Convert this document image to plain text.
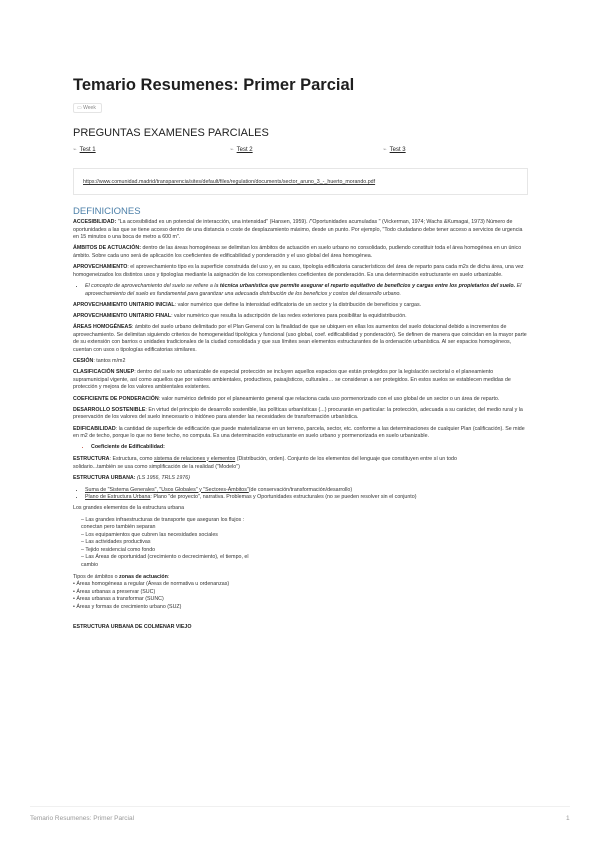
Temario Resumenes: Primer Parcial
▭ Week
PREGUNTAS EXAMENES PARCIALES
⌁ Test 1	⌁ Test 2	⌁ Test 3
https://www.comunidad.madrid/transparencia/sites/default/files/regulation/documents/sector_aruno_3_-_huerto_morando.pdf
DEFINICIONES

ACCESIBILIDAD: "La accesibilidad es un potencial de interacción, una intensidad" (Hansen, 1959). /"Oportunidades acumuladas " (Vickerman, 1974; Wachs &Kumagai, 1973) Número de oportunidades a las que se tiene acceso dentro de una distancia o coste de desplazamiento máximo, desde un punto. Por ejemplo, "Todo ciudadano debe tener acceso a servicios de urgencia en 15 minutos o una boca de metro a 600 m".

ÁMBITOS DE ACTUACIÓN: dentro de las áreas homogéneas se delimitan los ámbitos de actuación en suelo urbano no consolidado, pudiendo constituir toda el área homogénea en un único ámbito. Sobre cada uno será de aplicación los coeficientes de edificabilidad y ponderación y el uso global del área homogénea.

APROVECHAMIENTO: el aprovechamiento tipo es la superficie construida del uso y, en su caso, tipología edificatoria característicos del área de reparto para cada m2s de dicha área, una vez homogeneizados los distintos usos y tipologías mediante la asignación de los correspondientes coeficientes de ponderación. Es una determinación estructurante en suelo urbanizable.

• El concepto de aprovechamiento del suelo se refiere a la técnica urbanística que permite asegurar el reparto equitativo de beneficios y cargas entre los propietarios del suelo. El aprovechamiento del suelo es fundamental para garantizar una adecuada distribución de los beneficios y costos del desarrollo urbano.

APROVECHAMIENTO UNITARIO INICIAL: valor numérico que define la intensidad edificatoria de un sector y la distribución de beneficios y cargas.

APROVECHAMIENTO UNITARIO FINAL: valor numérico que resulta la adscripción de las redes exteriores para posibilitar la equidistribución.

ÁREAS HOMOGÉNEAS: ámbito del suelo urbano delimitado por el Plan General con la finalidad de que se ubiquen en ellas los aumentos del suelo dotacional debido a incrementos de aprovechamiento. Se delimitan siguiendo criterios de homogeneidad tipológica y funcional (uso global, coef. edificabilidad y ponderación). Se definen de manera que coincidan en la mayor parte de su extensión con barrios o unidades tradicionales de la ciudad consolidada y que sus límites sean elementos estructurantes de la ordenación urbanística. Al ser espacios homogéneos, cuentan con usos o tipologías edificatorias similares.

CESIÓN: tantos m/m2

CLASIFICACIÓN SNUEP: dentro del suelo no urbanizable de especial protección se incluyen aquellos espacios que están protegidos por la legislación sectorial o el planeamiento supramunicipal vigente, así como aquellos que por valores ambientales, productivos, paisajísticos, culturales… se consideran a ser protegidos. En estos suelos se establecen medidas de protección y mejora de los valores ambientales existentes.

COEFICIENTE DE PONDERACIÓN: valor numérico definido por el planeamiento general que relaciona cada uso pormenorizado con el uso global de un sector o un área de reparto.

DESARROLLO SOSTENIBLE: En virtud del principio de desarrollo sostenible, las políticas urbanísticas (...) procurarán en particular: la protección, adecuada a su carácter, del medio rural y la preservación de los valores del suelo innecesario o inidóneo para atender las necesidades de transformación urbanística.

EDIFICABILIDAD: la cantidad de superficie de edificación que puede materializarse en un terreno, parcela, sector, etc. conforme a las determinaciones de cualquier Plan (calificación). Se mide en m2 de techo, porque lo que no tiene techo, no computa. Es una determinación estructurante en suelo urbano y pormenorizada en suelo urbanizable.

• Coeficiente de Edificabilidad:

ESTRUCTURA: Estructura, como sistema de relaciones y elementos (Distribución, orden). Conjunto de los elementos del lenguaje que constituyen entre sí un todo

solidario...también se usa como simplificación de la realidad ("Modelo")

ESTRUCTURA URBANA: (LS 1956, TRLS 1976)

• Suma de "Sistema Generales", "Usos Globales" y "Sectores-Ámbitos"(de conservación/transformación/desarrollo)
• Plano de Estructura Urbana: Plano "de proyecto", narrativa. Problemas y Oportunidades estructurales (no se pueden resolver sin el conjunto)

Los grandes elementos de la estructura urbana

– Las grandes infraestructuras de transporte que aseguran los flujos :
conectan pero también separan
– Los equipamientos que cubren las necesidades sociales
– Las actividades productivas
– Tejido residencial como fondo
– Las Áreas de oportunidad (crecimiento o decrecimiento), el tiempo, el
cambio
Tipos de ámbitos o zonas de actuación:
• Áreas homogéneas a regular (Áreas de normativa u ordenanzas)
• Áreas urbanas a preservar (SUC)
• Áreas urbanas a transformar (SUNC)
• Áreas y formas de crecimiento urbano (SUZ)

ESTRUCTURA URBANA DE COLMENAR VIEJO

Temario Resumenes: Primer Parcial	1
